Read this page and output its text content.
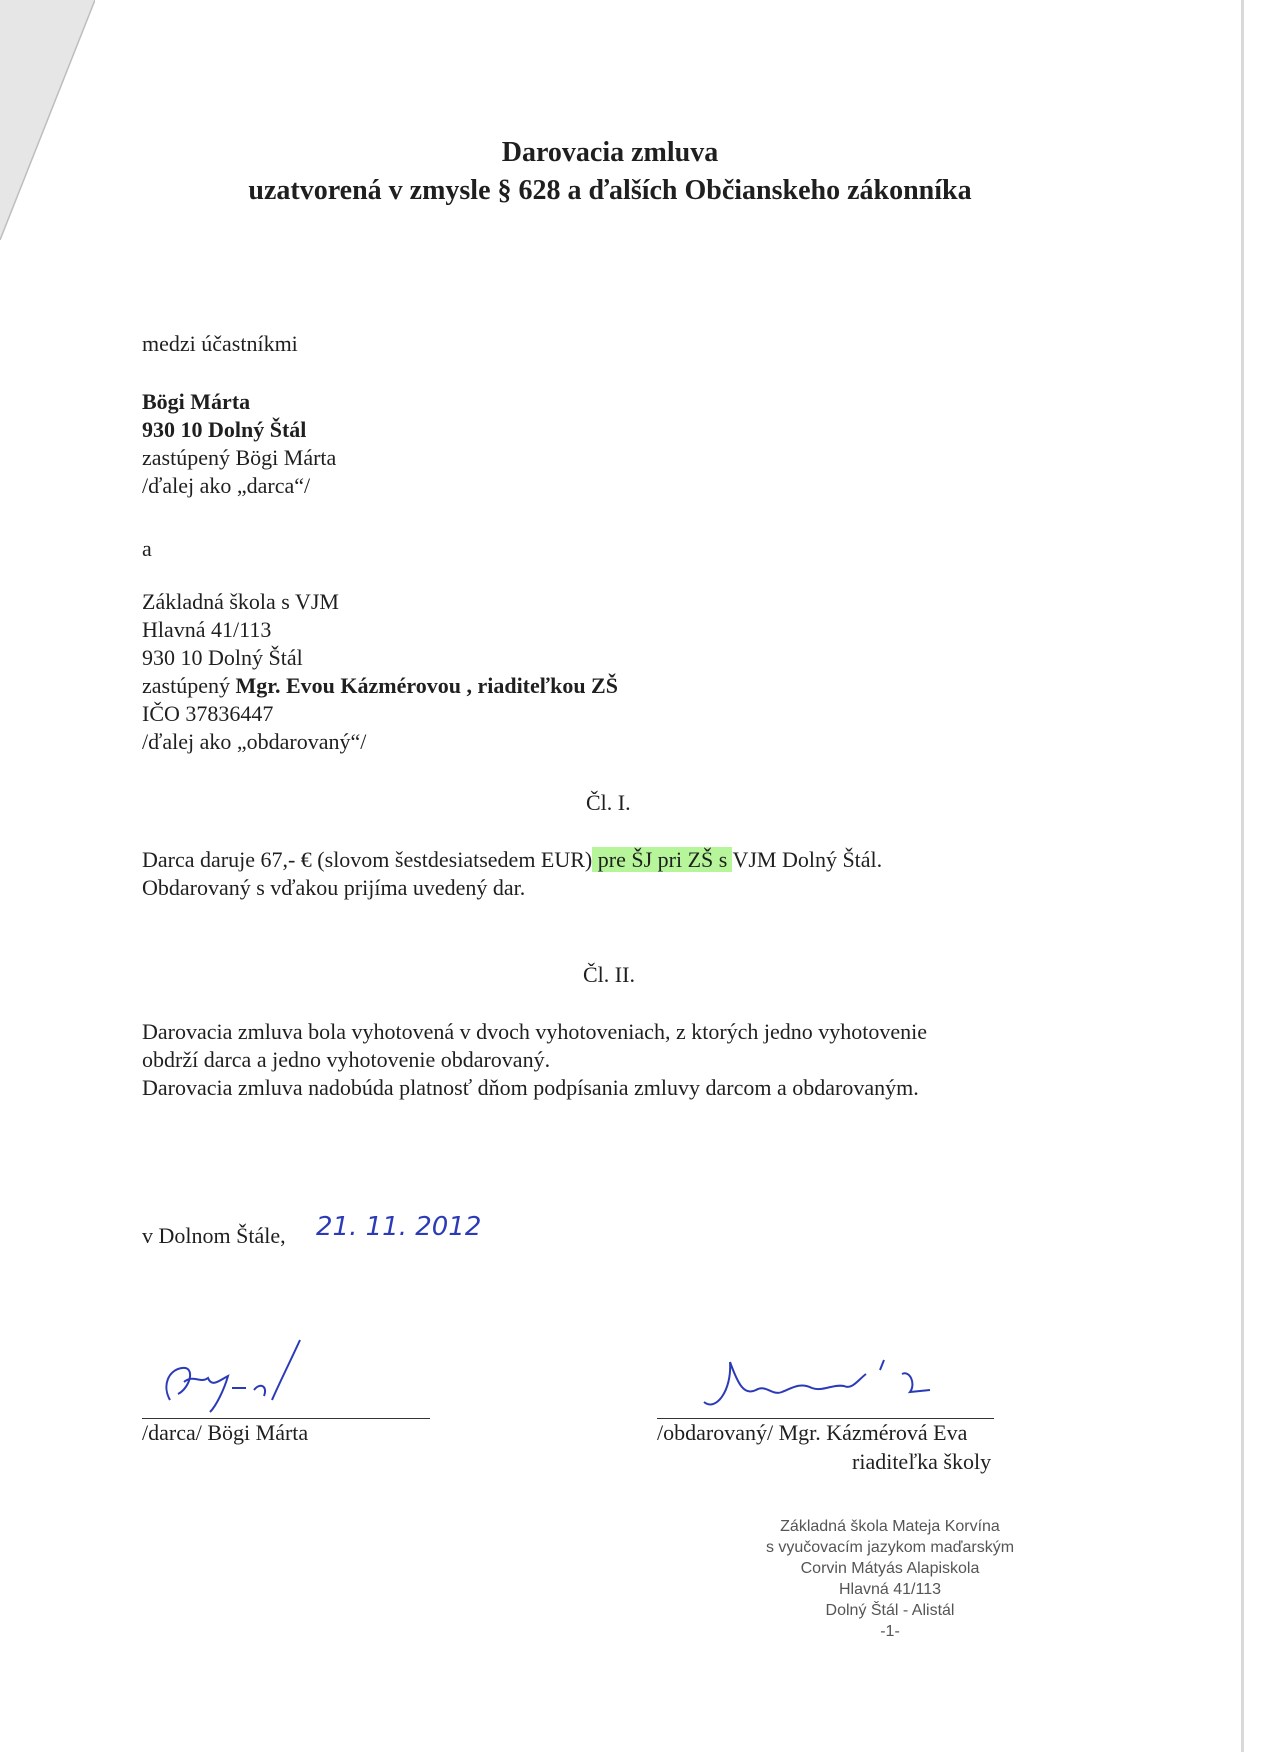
Darovacia zmluva
uzatvorená v zmysle § 628 a ďalších Občianskeho zákonníka
medzi účastníkmi
Bögi Márta
930 10 Dolný Štál
zastúpený Bögi Márta
/ďalej ako „darca“/
a
Základná škola s VJM
Hlavná 41/113
930 10 Dolný Štál
zastúpený Mgr. Evou Kázmérovou , riaditeľkou ZŠ
IČO 37836447
/ďalej ako „obdarovaný“/
Čl. I.
Darca daruje 67,- € (slovom šestdesiatsedem EUR) pre ŠJ pri ZŠ s VJM Dolný Štál.
Obdarovaný s vďakou prijíma uvedený dar.
Čl. II.
Darovacia zmluva bola vyhotovená v dvoch vyhotoveniach, z ktorých jedno vyhotovenie
obdrží darca a jedno vyhotovenie obdarovaný.
Darovacia zmluva nadobúda platnosť dňom podpísania zmluvy darcom a obdarovaným.
v Dolnom Štále, 21. 11. 2012
/darca/ Bögi Márta	/obdarovaný/ Mgr. Kázmérová Eva
riaditeľka školy
Základná škola Mateja Korvína
s vyučovacím jazykom maďarským
Corvin Mátyás Alapiskola
Hlavná 41/113
Dolný Štál - Alistál
-1-
